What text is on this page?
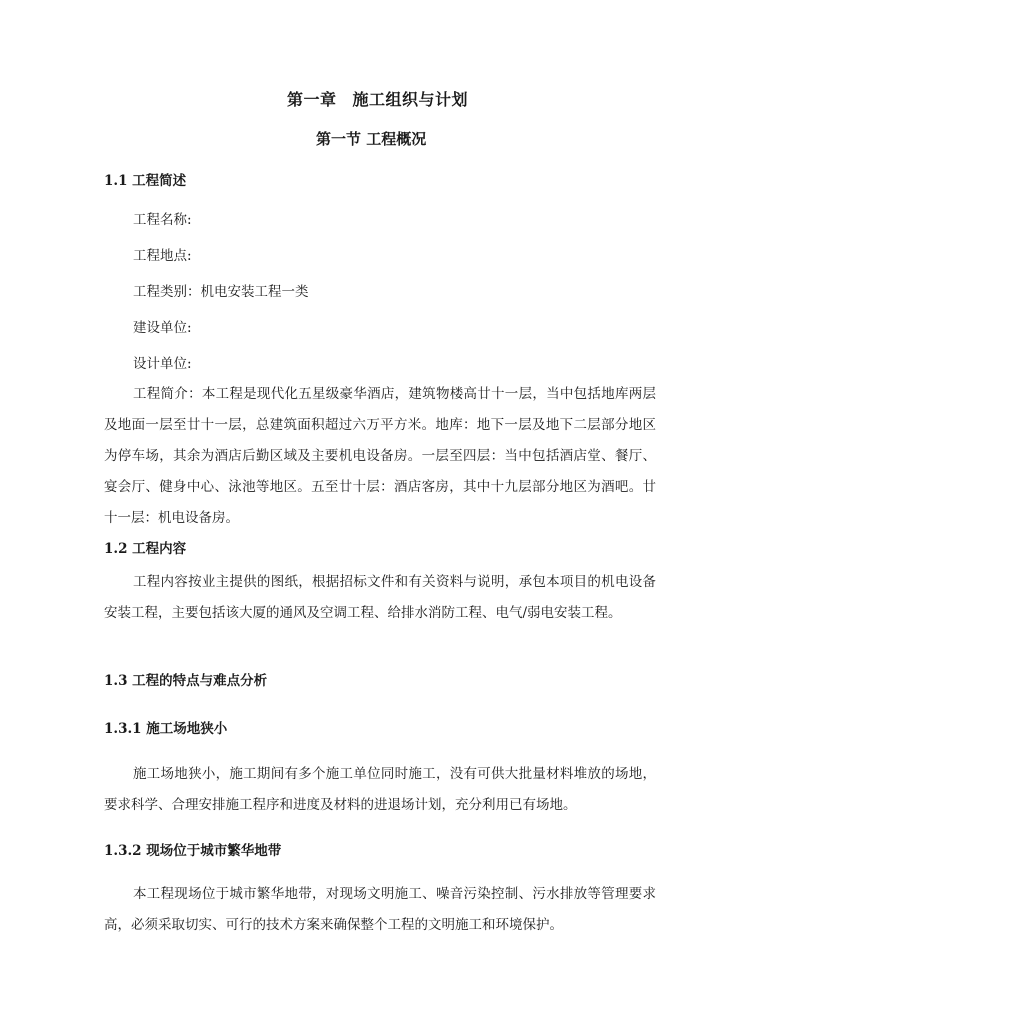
第一章 施工组织与计划
第一节 工程概况
1.1 工程简述
工程名称:
工程地点:
工程类别：机电安装工程一类
建设单位:
设计单位:
工程简介：本工程是现代化五星级豪华酒店，建筑物楼高廿十一层，当中包括地库两层及地面一层至廿十一层，总建筑面积超过六万平方米。地库：地下一层及地下二层部分地区为停车场，其余为酒店后勤区域及主要机电设备房。一层至四层：当中包括酒店堂、餐厅、宴会厅、健身中心、泳池等地区。五至廿十层：酒店客房，其中十九层部分地区为酒吧。廿十一层：机电设备房。
1.2 工程内容
工程内容按业主提供的图纸，根据招标文件和有关资料与说明，承包本项目的机电设备安装工程，主要包括该大厦的通风及空调工程、给排水消防工程、电气/弱电安装工程。
1.3 工程的特点与难点分析
1.3.1 施工场地狭小
施工场地狭小，施工期间有多个施工单位同时施工，没有可供大批量材料堆放的场地，要求科学、合理安排施工程序和进度及材料的进退场计划，充分利用已有场地。
1.3.2 现场位于城市繁华地带
本工程现场位于城市繁华地带，对现场文明施工、噪音污染控制、污水排放等管理要求高，必须采取切实、可行的技术方案来确保整个工程的文明施工和环境保护。
